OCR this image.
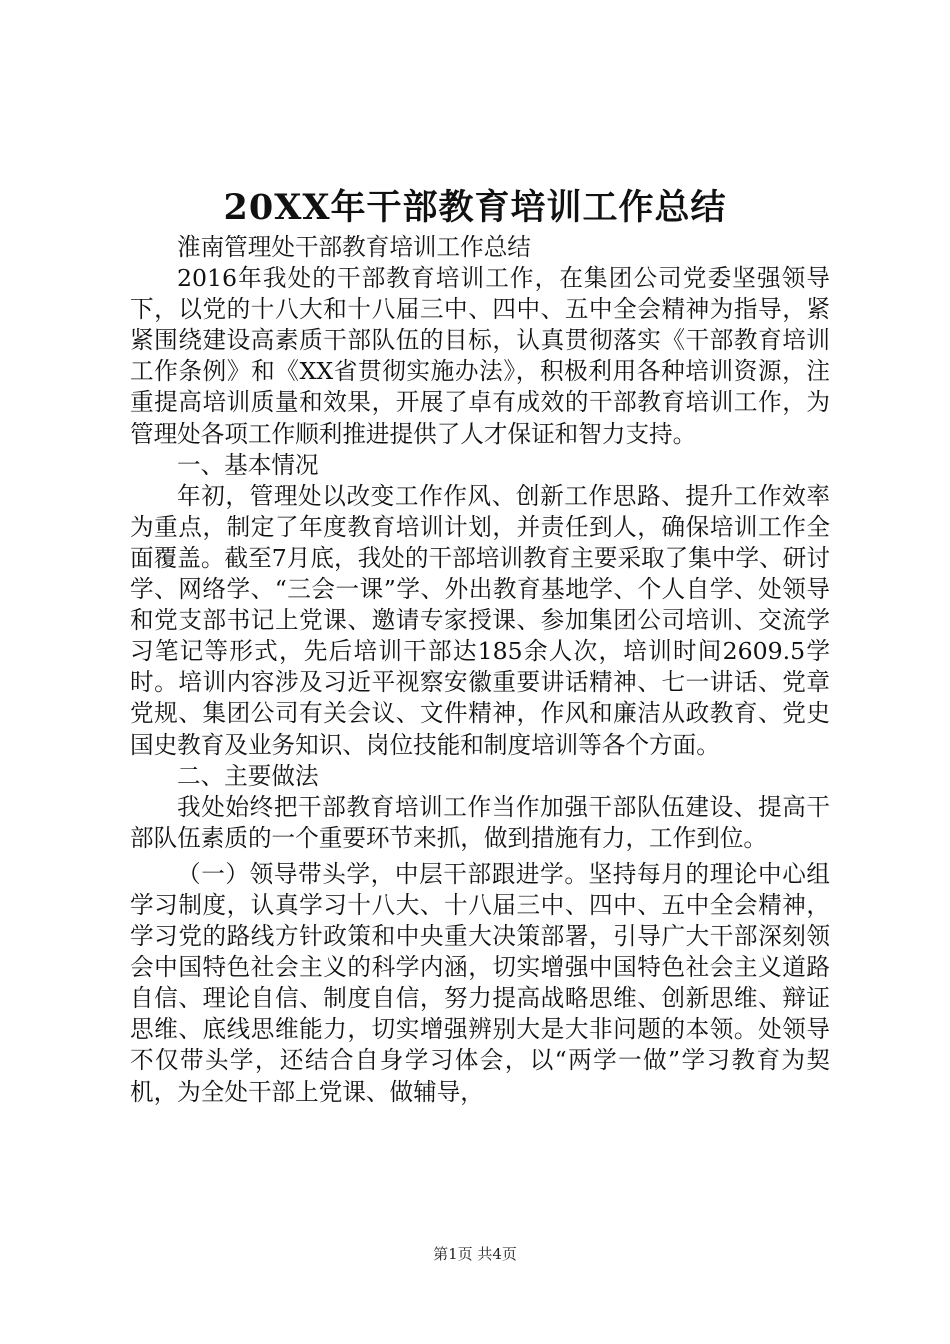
20XX年干部教育培训工作总结

淮南管理处干部教育培训工作总结

2016年我处的干部教育培训工作，在集团公司党委坚强领导下，以党的十八大和十八届三中、四中、五中全会精神为指导，紧紧围绕建设高素质干部队伍的目标，认真贯彻落实《干部教育培训工作条例》和《XX省贯彻实施办法》，积极利用各种培训资源，注重提高培训质量和效果，开展了卓有成效的干部教育培训工作，为管理处各项工作顺利推进提供了人才保证和智力支持。

一、基本情况

年初，管理处以改变工作作风、创新工作思路、提升工作效率为重点，制定了年度教育培训计划，并责任到人，确保培训工作全面覆盖。截至7月底，我处的干部培训教育主要采取了集中学、研讨学、网络学、“三会一课”学、外出教育基地学、个人自学、处领导和党支部书记上党课、邀请专家授课、参加集团公司培训、交流学习笔记等形式，先后培训干部达185余人次，培训时间2609.5学时。培训内容涉及习近平视察安徽重要讲话精神、七一讲话、党章党规、集团公司有关会议、文件精神，作风和廉洁从政教育、党史国史教育及业务知识、岗位技能和制度培训等各个方面。

二、主要做法

我处始终把干部教育培训工作当作加强干部队伍建设、提高干部队伍素质的一个重要环节来抓，做到措施有力，工作到位。

（一）领导带头学，中层干部跟进学。坚持每月的理论中心组学习制度，认真学习十八大、十八届三中、四中、五中全会精神，学习党的路线方针政策和中央重大决策部署，引导广大干部深刻领会中国特色社会主义的科学内涵，切实增强中国特色社会主义道路自信、理论自信、制度自信，努力提高战略思维、创新思维、辩证思维、底线思维能力，切实增强辨别大是大非问题的本领。处领导不仅带头学，还结合自身学习体会，以“两学一做”学习教育为契机，为全处干部上党课、做辅导，

第1页 共4页
